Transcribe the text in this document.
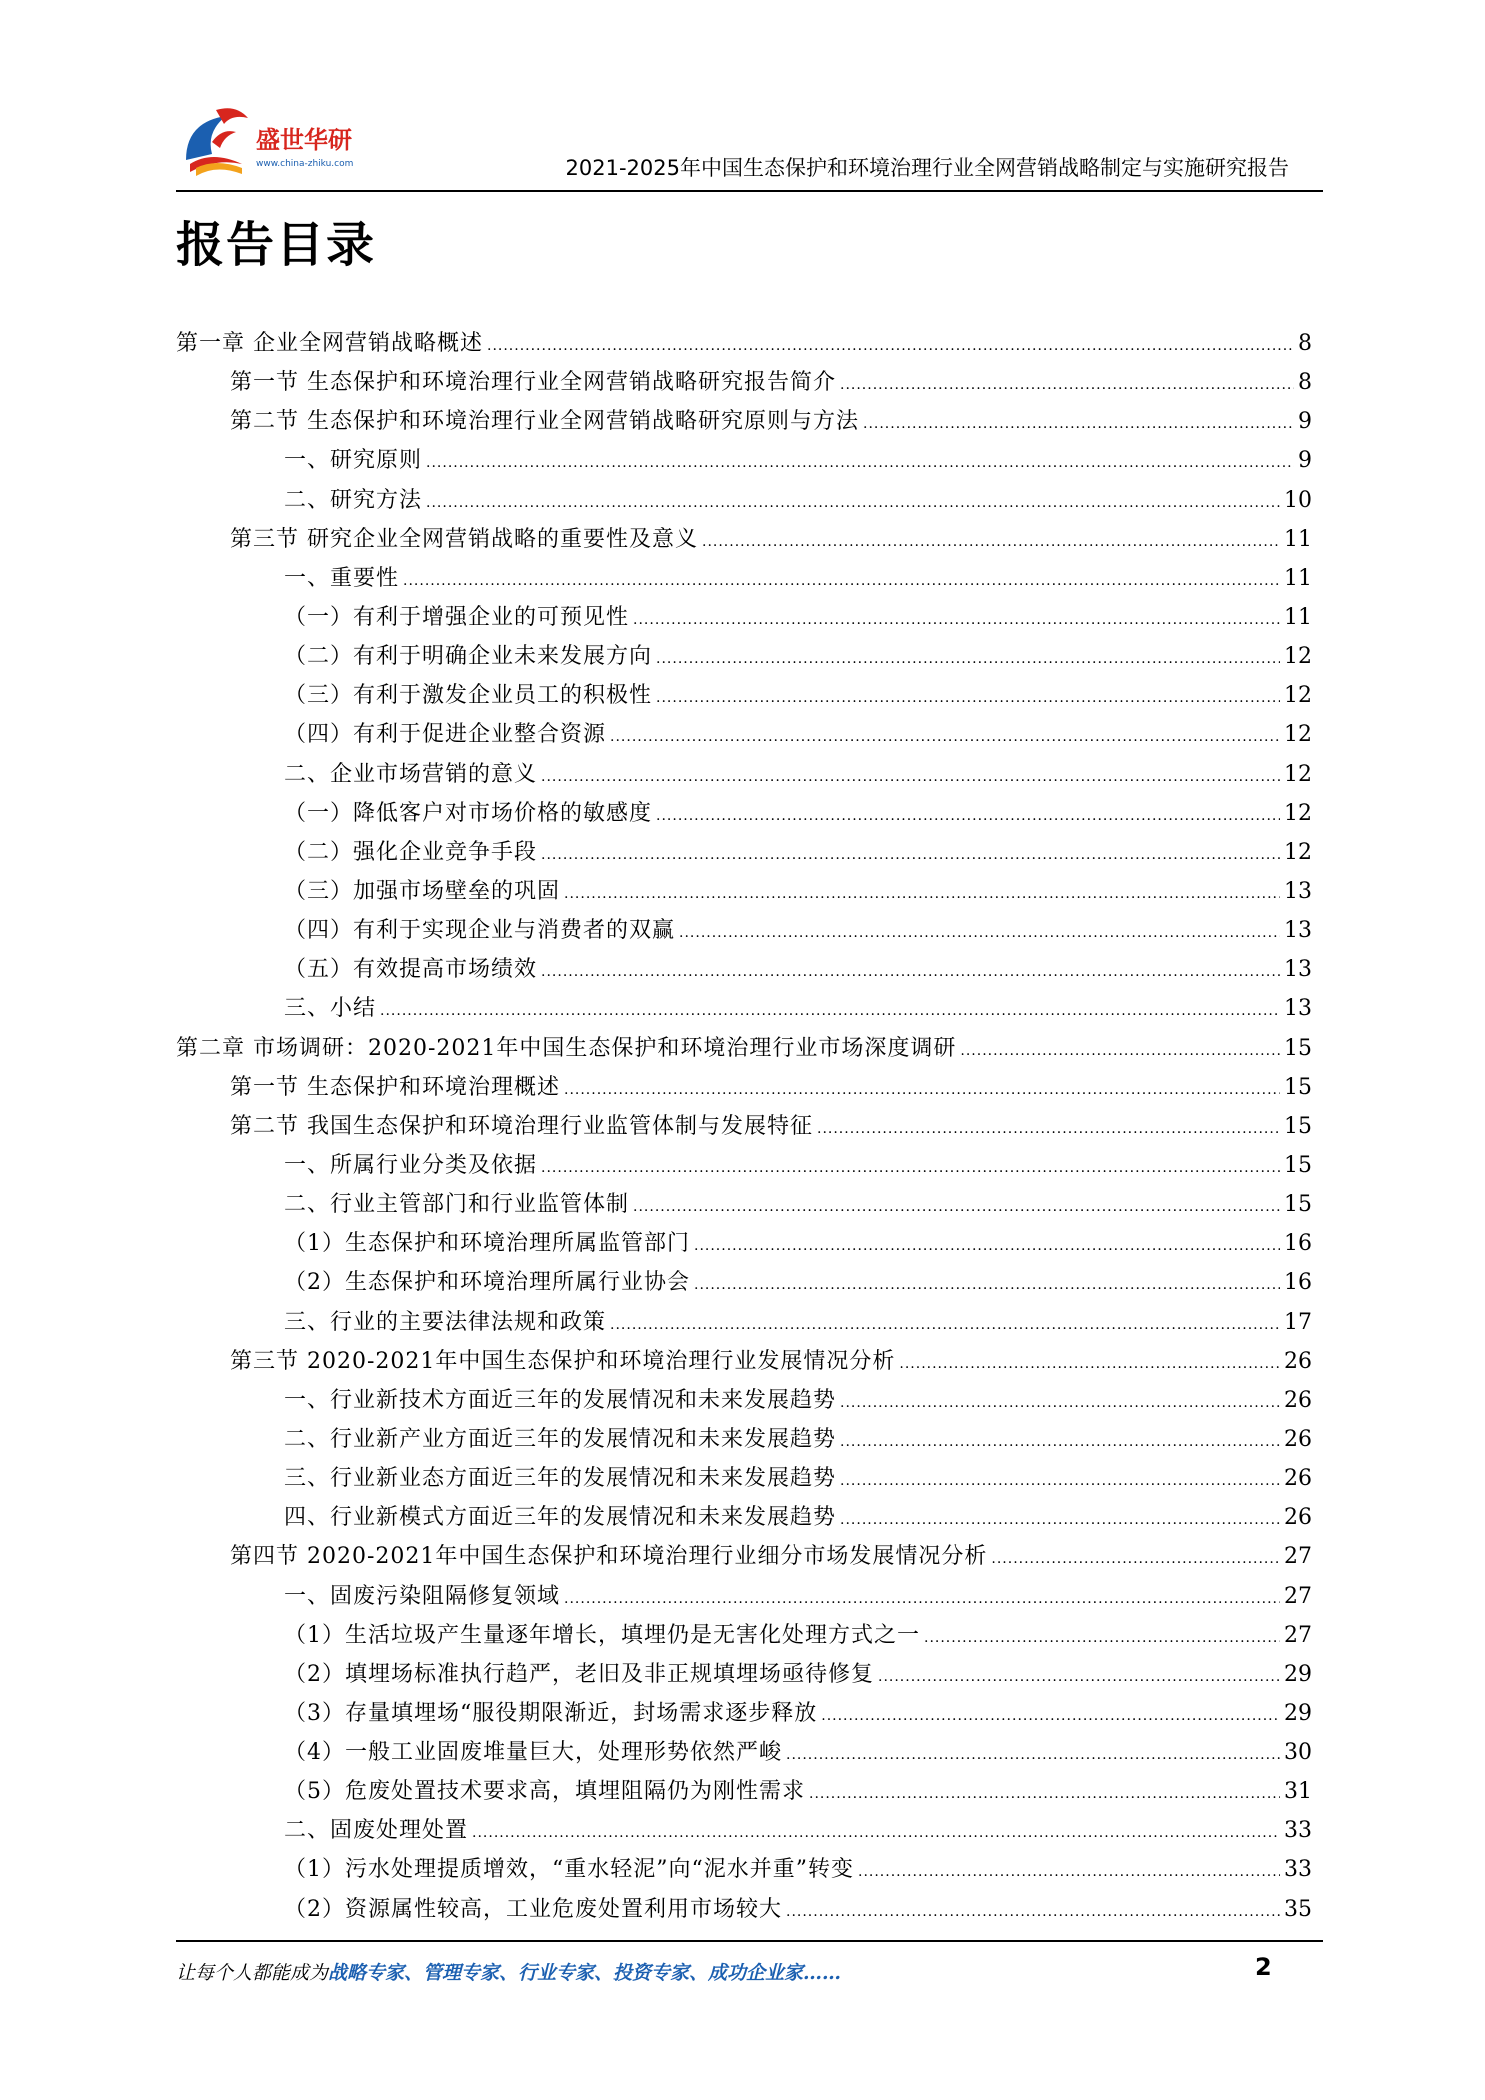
盛世华研
www.china-zhiku.com	2021-2025年中国生态保护和环境治理行业全网营销战略制定与实施研究报告
报告目录
第一章 企业全网营销战略概述 .....	8
第一节 生态保护和环境治理行业全网营销战略研究报告简介 .....	8
第二节 生态保护和环境治理行业全网营销战略研究原则与方法 .....	9
一、研究原则 .....	9
二、研究方法 .....	10
第三节 研究企业全网营销战略的重要性及意义 .....	11
一、重要性 .....	11
（一）有利于增强企业的可预见性 .....	11
（二）有利于明确企业未来发展方向 .....	12
（三）有利于激发企业员工的积极性 .....	12
（四）有利于促进企业整合资源 .....	12
二、企业市场营销的意义 .....	12
（一）降低客户对市场价格的敏感度 .....	12
（二）强化企业竞争手段 .....	12
（三）加强市场壁垒的巩固 .....	13
（四）有利于实现企业与消费者的双赢 .....	13
（五）有效提高市场绩效 .....	13
三、小结 .....	13
第二章 市场调研：2020-2021年中国生态保护和环境治理行业市场深度调研 .....	15
第一节 生态保护和环境治理概述 .....	15
第二节 我国生态保护和环境治理行业监管体制与发展特征 .....	15
一、所属行业分类及依据 .....	15
二、行业主管部门和行业监管体制 .....	15
（1）生态保护和环境治理所属监管部门 .....	16
（2）生态保护和环境治理所属行业协会 .....	16
三、行业的主要法律法规和政策 .....	17
第三节 2020-2021年中国生态保护和环境治理行业发展情况分析 .....	26
一、行业新技术方面近三年的发展情况和未来发展趋势 .....	26
二、行业新产业方面近三年的发展情况和未来发展趋势 .....	26
三、行业新业态方面近三年的发展情况和未来发展趋势 .....	26
四、行业新模式方面近三年的发展情况和未来发展趋势 .....	26
第四节 2020-2021年中国生态保护和环境治理行业细分市场发展情况分析 .....	27
一、固废污染阻隔修复领域 .....	27
（1）生活垃圾产生量逐年增长，填埋仍是无害化处理方式之一 .....	27
（2）填埋场标准执行趋严，老旧及非正规填埋场亟待修复 .....	29
（3）存量填埋场“服役期限渐近，封场需求逐步释放 .....	29
（4）一般工业固废堆量巨大，处理形势依然严峻 .....	30
（5）危废处置技术要求高，填埋阻隔仍为刚性需求 .....	31
二、固废处理处置 .....	33
（1）污水处理提质增效，“重水轻泥”向“泥水并重”转变 .....	33
（2）资源属性较高，工业危废处置利用市场较大 .....	35
让每个人都能成为战略专家、管理专家、行业专家、投资专家、成功企业家……	2
